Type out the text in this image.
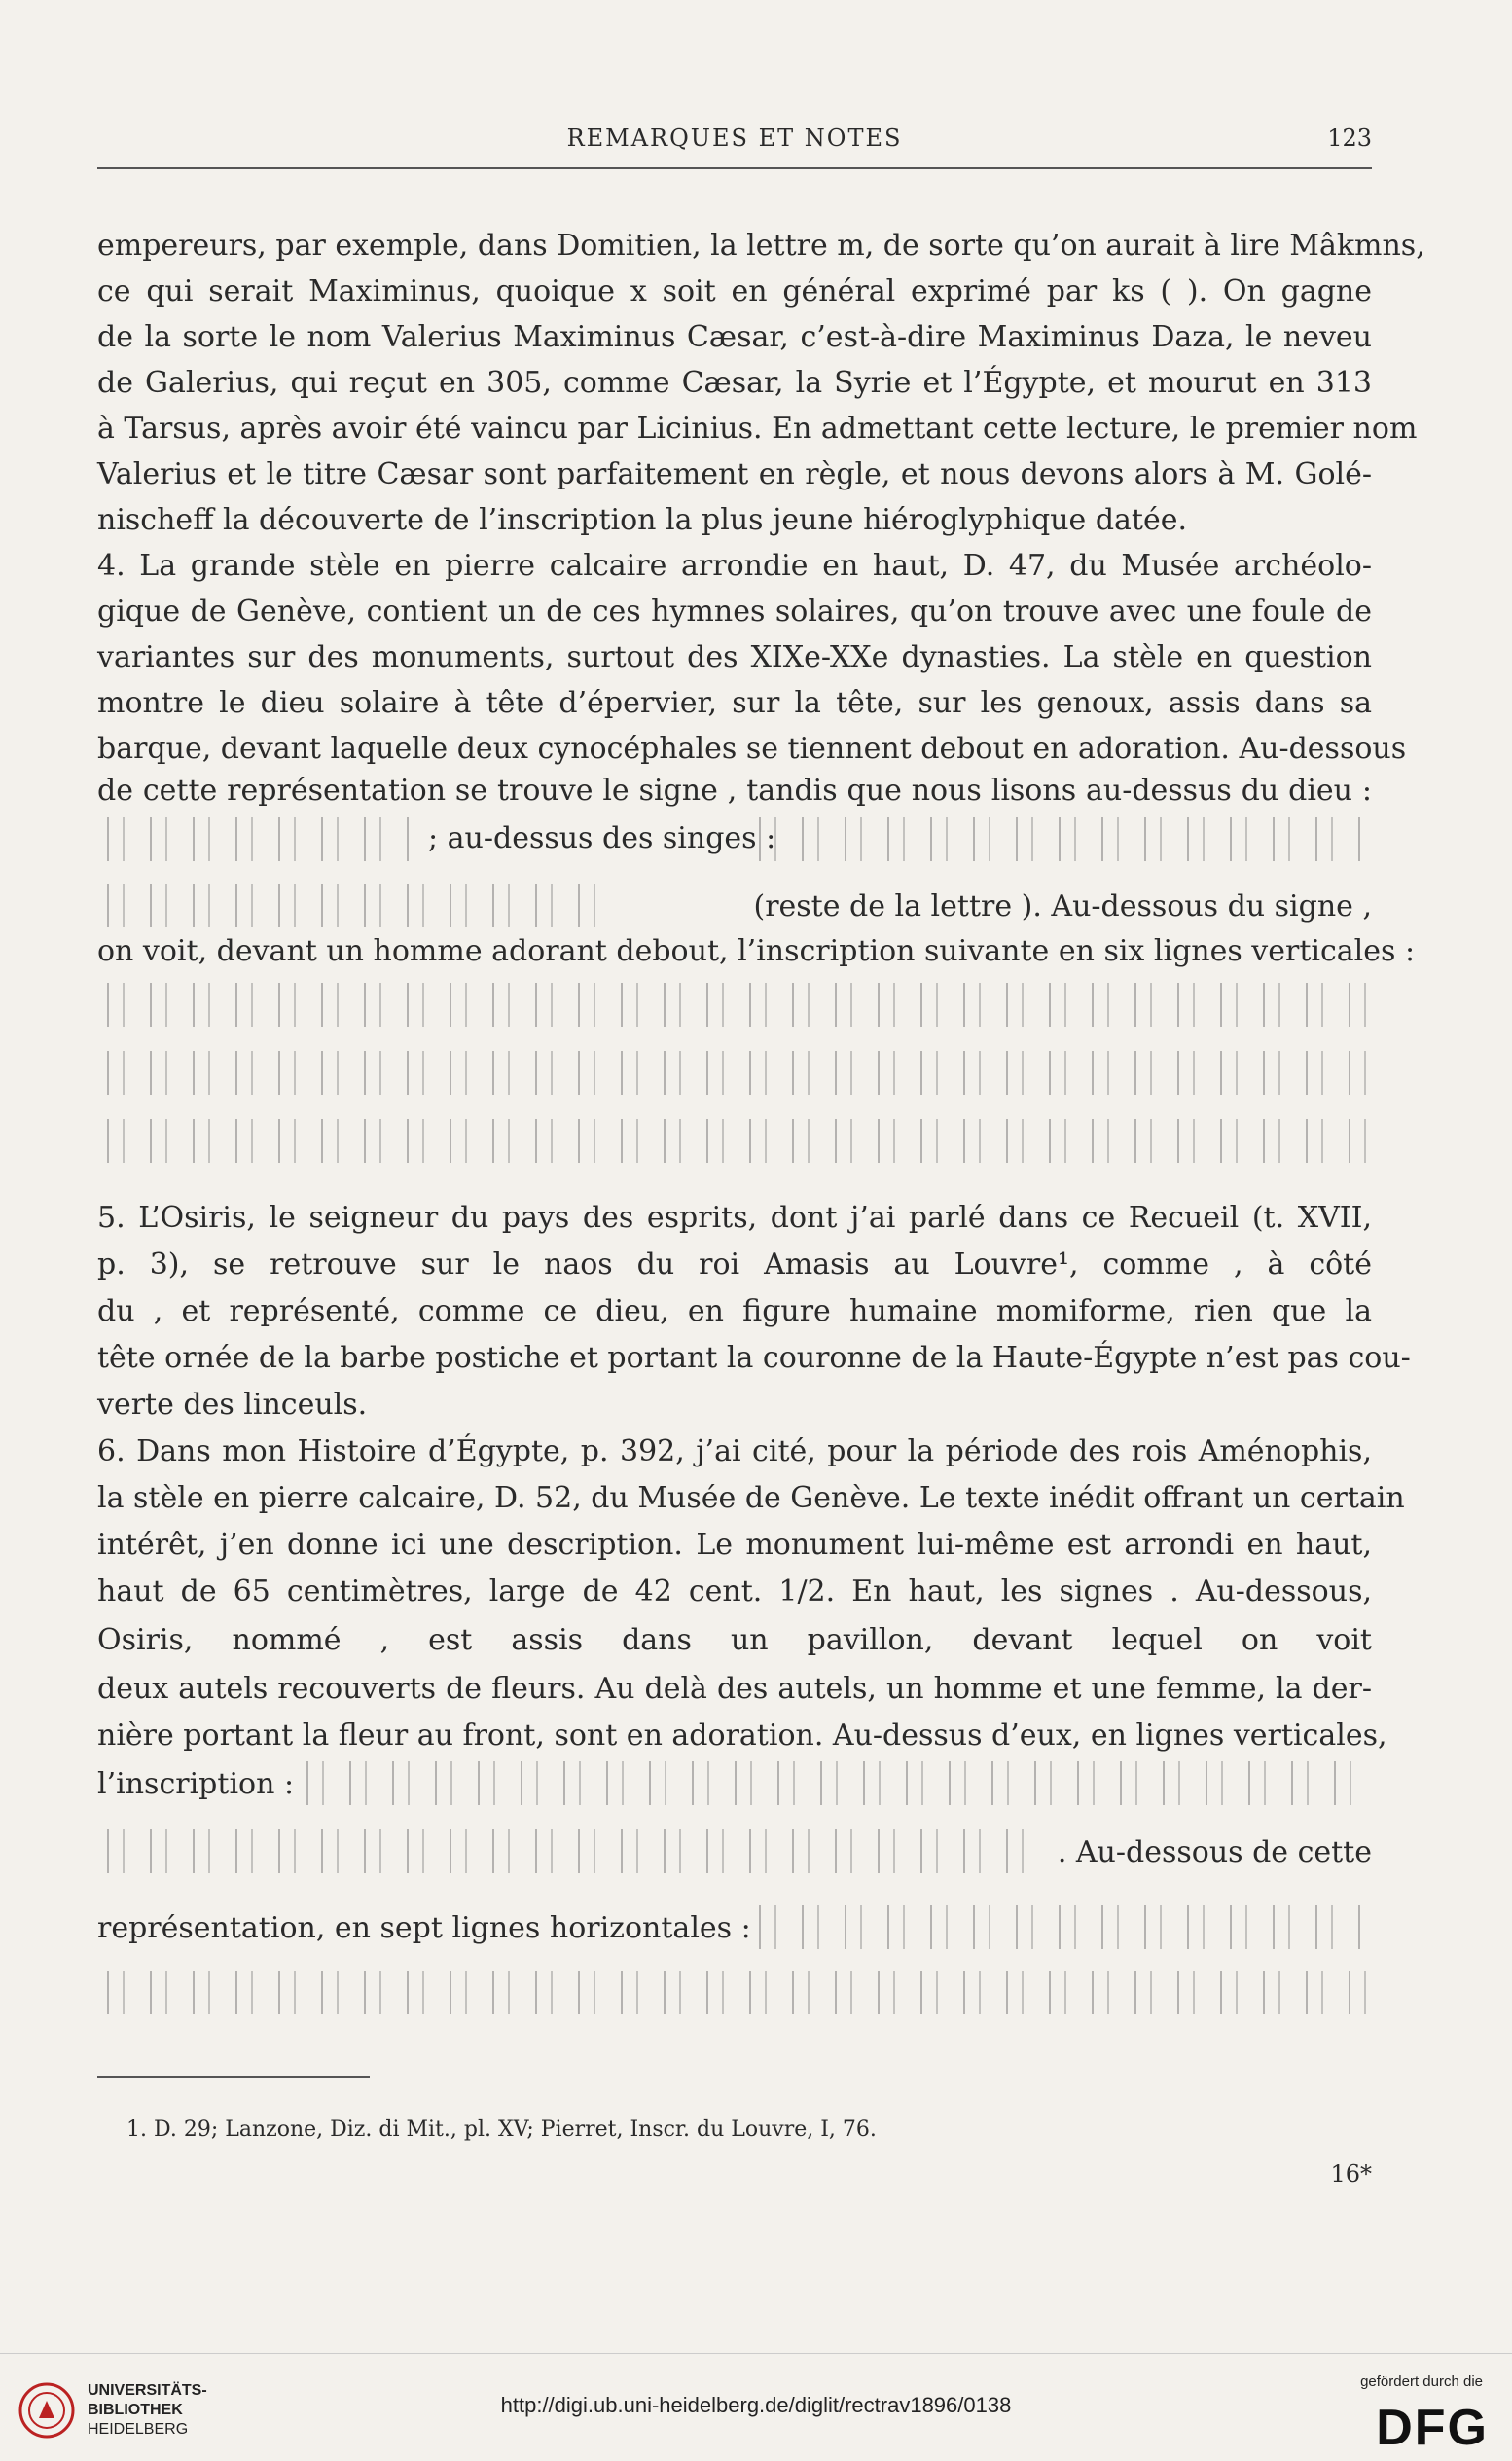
REMARQUES ET NOTES	123
empereurs, par exemple, dans Domitien, la lettre m, de sorte qu’on aurait à lire Mâkmns,
ce qui serait Maximinus, quoique x soit en général exprimé par ks ( ). On gagne
de la sorte le nom Valerius Maximinus Cæsar, c’est-à-dire Maximinus Daza, le neveu
de Galerius, qui reçut en 305, comme Cæsar, la Syrie et l’Égypte, et mourut en 313
à Tarsus, après avoir été vaincu par Licinius. En admettant cette lecture, le premier nom
Valerius et le titre Cæsar sont parfaitement en règle, et nous devons alors à M. Golé-
nischeff la découverte de l’inscription la plus jeune hiéroglyphique datée.
4. La grande stèle en pierre calcaire arrondie en haut, D. 47, du Musée archéolo-
gique de Genève, contient un de ces hymnes solaires, qu’on trouve avec une foule de
variantes sur des monuments, surtout des XIXe-XXe dynasties. La stèle en question
montre le dieu solaire à tête d’épervier, sur la tête, sur les genoux, assis dans sa
barque, devant laquelle deux cynocéphales se tiennent debout en adoration. Au-dessous
de cette représentation se trouve le signe , tandis que nous lisons au-dessus du dieu :
; au-dessus des singes :
(reste de la lettre ). Au-dessous du signe ,
on voit, devant un homme adorant debout, l’inscription suivante en six lignes verticales :
5. L’Osiris, le seigneur du pays des esprits, dont j’ai parlé dans ce Recueil (t. XVII,
p. 3), se retrouve sur le naos du roi Amasis au Louvre¹, comme , à côté
du , et représenté, comme ce dieu, en figure humaine momiforme, rien que la
tête ornée de la barbe postiche et portant la couronne de la Haute-Égypte n’est pas cou-
verte des linceuls.
6. Dans mon Histoire d’Égypte, p. 392, j’ai cité, pour la période des rois Aménophis,
la stèle en pierre calcaire, D. 52, du Musée de Genève. Le texte inédit offrant un certain
intérêt, j’en donne ici une description. Le monument lui-même est arrondi en haut,
haut de 65 centimètres, large de 42 cent. 1/2. En haut, les signes . Au-dessous,
Osiris, nommé , est assis dans un pavillon, devant lequel on voit
deux autels recouverts de fleurs. Au delà des autels, un homme et une femme, la der-
nière portant la fleur au front, sont en adoration. Au-dessus d’eux, en lignes verticales,
l’inscription :
. Au-dessous de cette
représentation, en sept lignes horizontales :
1. D. 29; Lanzone, Diz. di Mit., pl. XV; Pierret, Inscr. du Louvre, I, 76.
16*
UNIVERSITÄTS-
BIBLIOTHEK
HEIDELBERG
http://digi.ub.uni-heidelberg.de/diglit/rectrav1896/0138
gefördert durch die
DFG
